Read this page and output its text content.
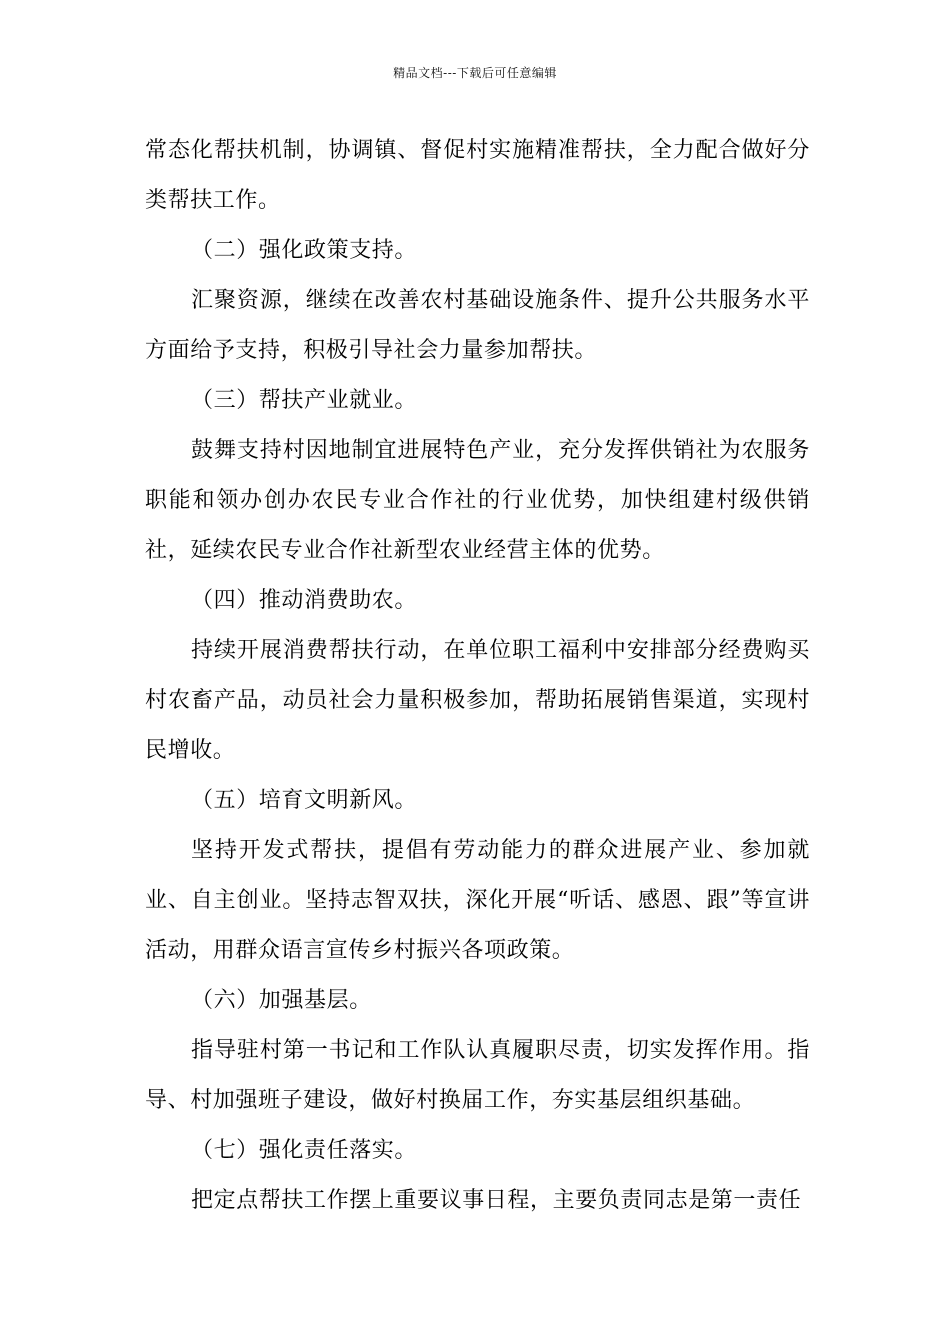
精品文档---下载后可任意编辑

常态化帮扶机制，协调镇、督促村实施精准帮扶，全力配合做好分类帮扶工作。

（二）强化政策支持。

汇聚资源，继续在改善农村基础设施条件、提升公共服务水平方面给予支持，积极引导社会力量参加帮扶。

（三）帮扶产业就业。

鼓舞支持村因地制宜进展特色产业，充分发挥供销社为农服务职能和领办创办农民专业合作社的行业优势，加快组建村级供销社，延续农民专业合作社新型农业经营主体的优势。

（四）推动消费助农。

持续开展消费帮扶行动，在单位职工福利中安排部分经费购买村农畜产品，动员社会力量积极参加，帮助拓展销售渠道，实现村民增收。

（五）培育文明新风。

坚持开发式帮扶，提倡有劳动能力的群众进展产业、参加就业、自主创业。坚持志智双扶，深化开展“听话、感恩、跟”等宣讲活动，用群众语言宣传乡村振兴各项政策。

（六）加强基层。

指导驻村第一书记和工作队认真履职尽责，切实发挥作用。指导、村加强班子建设，做好村换届工作，夯实基层组织基础。

（七）强化责任落实。

把定点帮扶工作摆上重要议事日程，主要负责同志是第一责任
